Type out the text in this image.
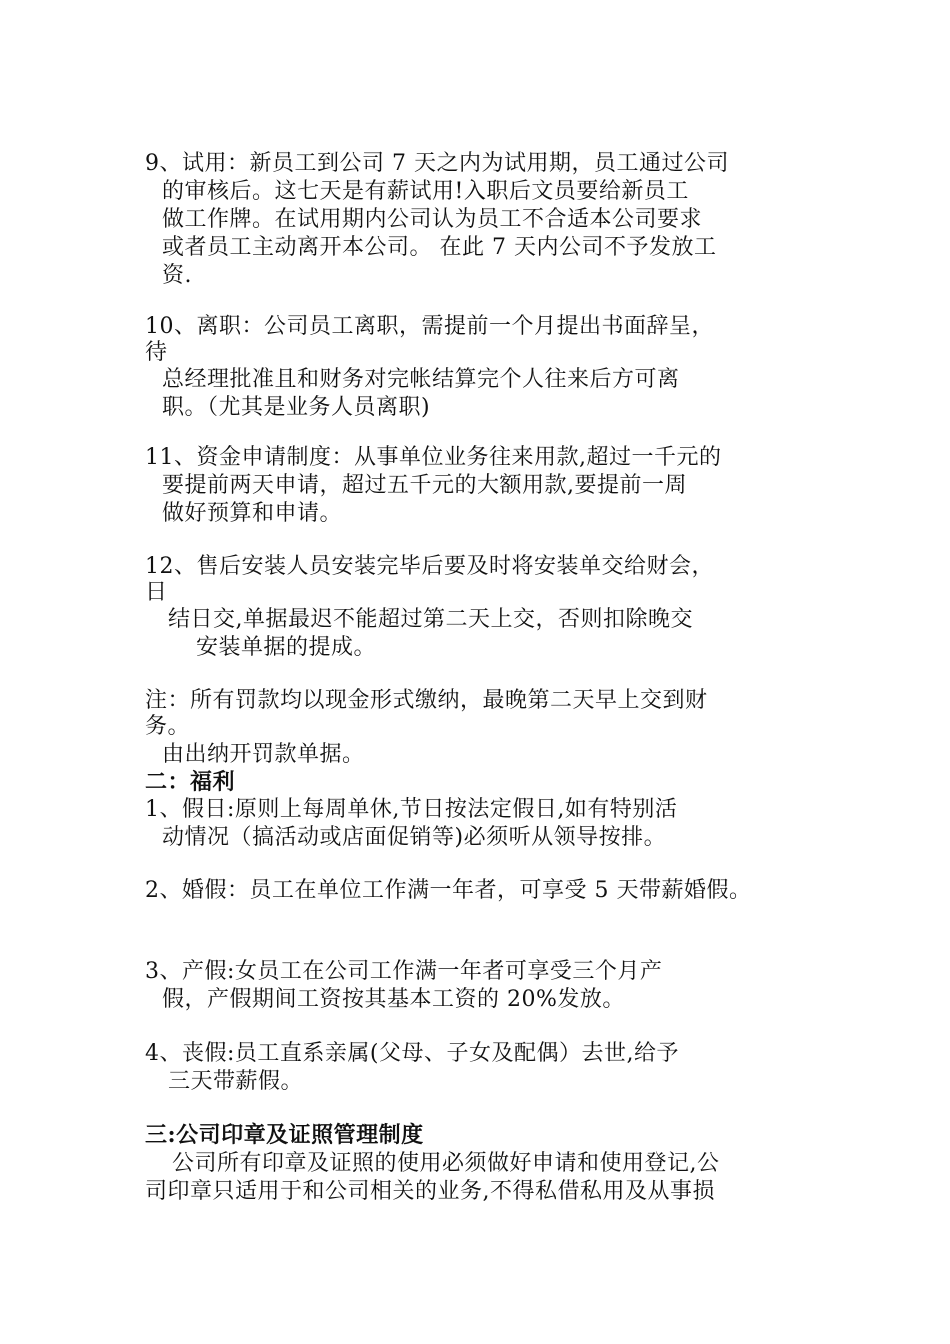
9、试用：新员工到公司 7 天之内为试用期，员工通过公司
的审核后。这七天是有薪试用!入职后文员要给新员工
做工作牌。在试用期内公司认为员工不合适本公司要求
或者员工主动离开本公司。 在此 7 天内公司不予发放工
资.
10、离职：公司员工离职，需提前一个月提出书面辞呈，
待
总经理批准且和财务对完帐结算完个人往来后方可离
职。（尤其是业务人员离职)
11、资金申请制度：从事单位业务往来用款,超过一千元的
要提前两天申请，超过五千元的大额用款,要提前一周
做好预算和申请。
12、售后安装人员安装完毕后要及时将安装单交给财会，
日
结日交,单据最迟不能超过第二天上交，否则扣除晚交
安装单据的提成。
注：所有罚款均以现金形式缴纳，最晚第二天早上交到财
务。
由出纳开罚款单据。
二：福利
1、假日:原则上每周单休,节日按法定假日,如有特别活
动情况（搞活动或店面促销等)必须听从领导按排。
2、婚假：员工在单位工作满一年者，可享受 5 天带薪婚假。
3、产假:女员工在公司工作满一年者可享受三个月产
假，产假期间工资按其基本工资的 20%发放。
4、丧假:员工直系亲属(父母、子女及配偶）去世,给予
三天带薪假。
三:公司印章及证照管理制度
公司所有印章及证照的使用必须做好申请和使用登记,公
司印章只适用于和公司相关的业务,不得私借私用及从事损
